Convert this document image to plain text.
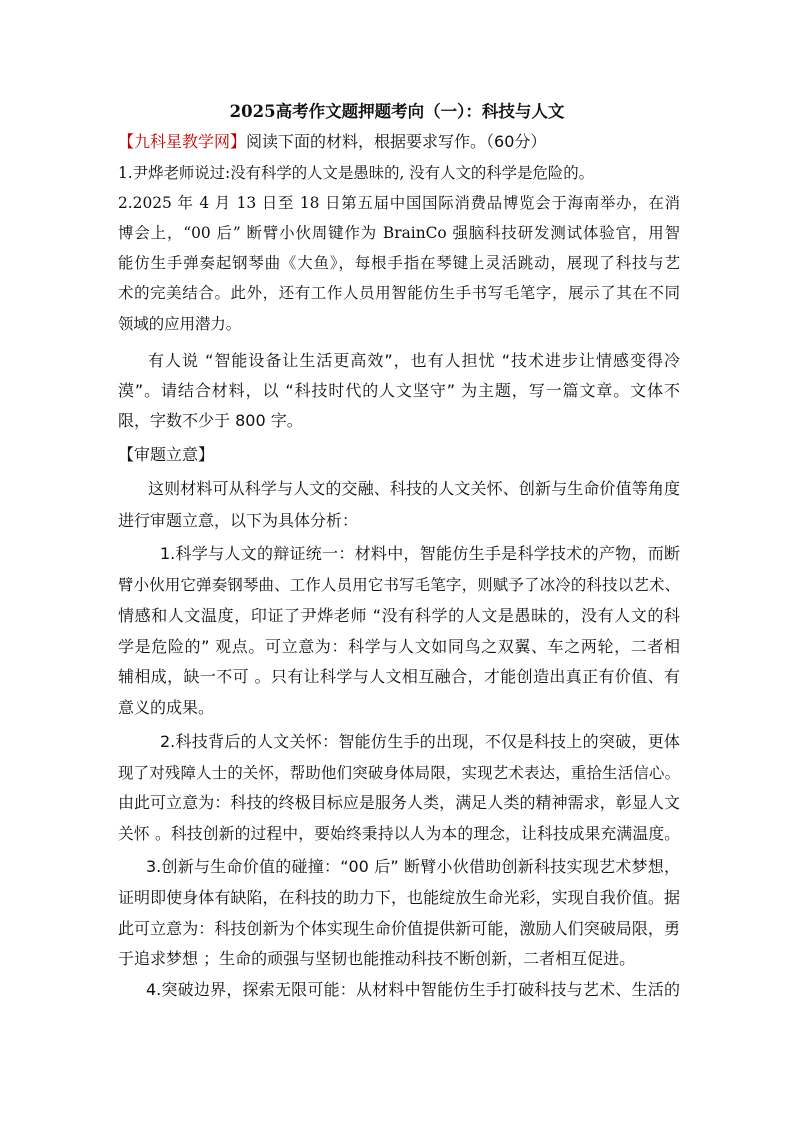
2025高考作文题押题考向（一）：科技与人文
【九科星教学网】阅读下面的材料，根据要求写作。（60分）
1.尹烨老师说过:没有科学的人文是愚昧的, 没有人文的科学是危险的。
2.2025 年 4 月 13 日至 18 日第五届中国国际消费品博览会于海南举办，在消
博会上，“00 后” 断臂小伙周键作为 BrainCo 强脑科技研发测试体验官，用智
能仿生手弹奏起钢琴曲《大鱼》，每根手指在琴键上灵活跳动，展现了科技与艺
术的完美结合。此外，还有工作人员用智能仿生手书写毛笔字，展示了其在不同
领域的应用潜力。
有人说 “智能设备让生活更高效”，也有人担忧 “技术进步让情感变得冷
漠”。请结合材料，以 “科技时代的人文坚守” 为主题，写一篇文章。文体不
限，字数不少于 800 字。
【审题立意】
这则材料可从科学与人文的交融、科技的人文关怀、创新与生命价值等角度
进行审题立意，以下为具体分析：
1.科学与人文的辩证统一：材料中，智能仿生手是科学技术的产物，而断
臂小伙用它弹奏钢琴曲、工作人员用它书写毛笔字，则赋予了冰冷的科技以艺术、
情感和人文温度，印证了尹烨老师 “没有科学的人文是愚昧的，没有人文的科
学是危险的” 观点。可立意为：科学与人文如同鸟之双翼、车之两轮，二者相
辅相成，缺一不可 。只有让科学与人文相互融合，才能创造出真正有价值、有
意义的成果。
2.科技背后的人文关怀：智能仿生手的出现，不仅是科技上的突破，更体
现了对残障人士的关怀，帮助他们突破身体局限，实现艺术表达，重拾生活信心。
由此可立意为：科技的终极目标应是服务人类，满足人类的精神需求，彰显人文
关怀 。科技创新的过程中，要始终秉持以人为本的理念，让科技成果充满温度。
3.创新与生命价值的碰撞：“00 后” 断臂小伙借助创新科技实现艺术梦想，
证明即使身体有缺陷，在科技的助力下，也能绽放生命光彩，实现自我价值。据
此可立意为：科技创新为个体实现生命价值提供新可能，激励人们突破局限，勇
于追求梦想 ；生命的顽强与坚韧也能推动科技不断创新，二者相互促进。
4.突破边界，探索无限可能：从材料中智能仿生手打破科技与艺术、生活的
